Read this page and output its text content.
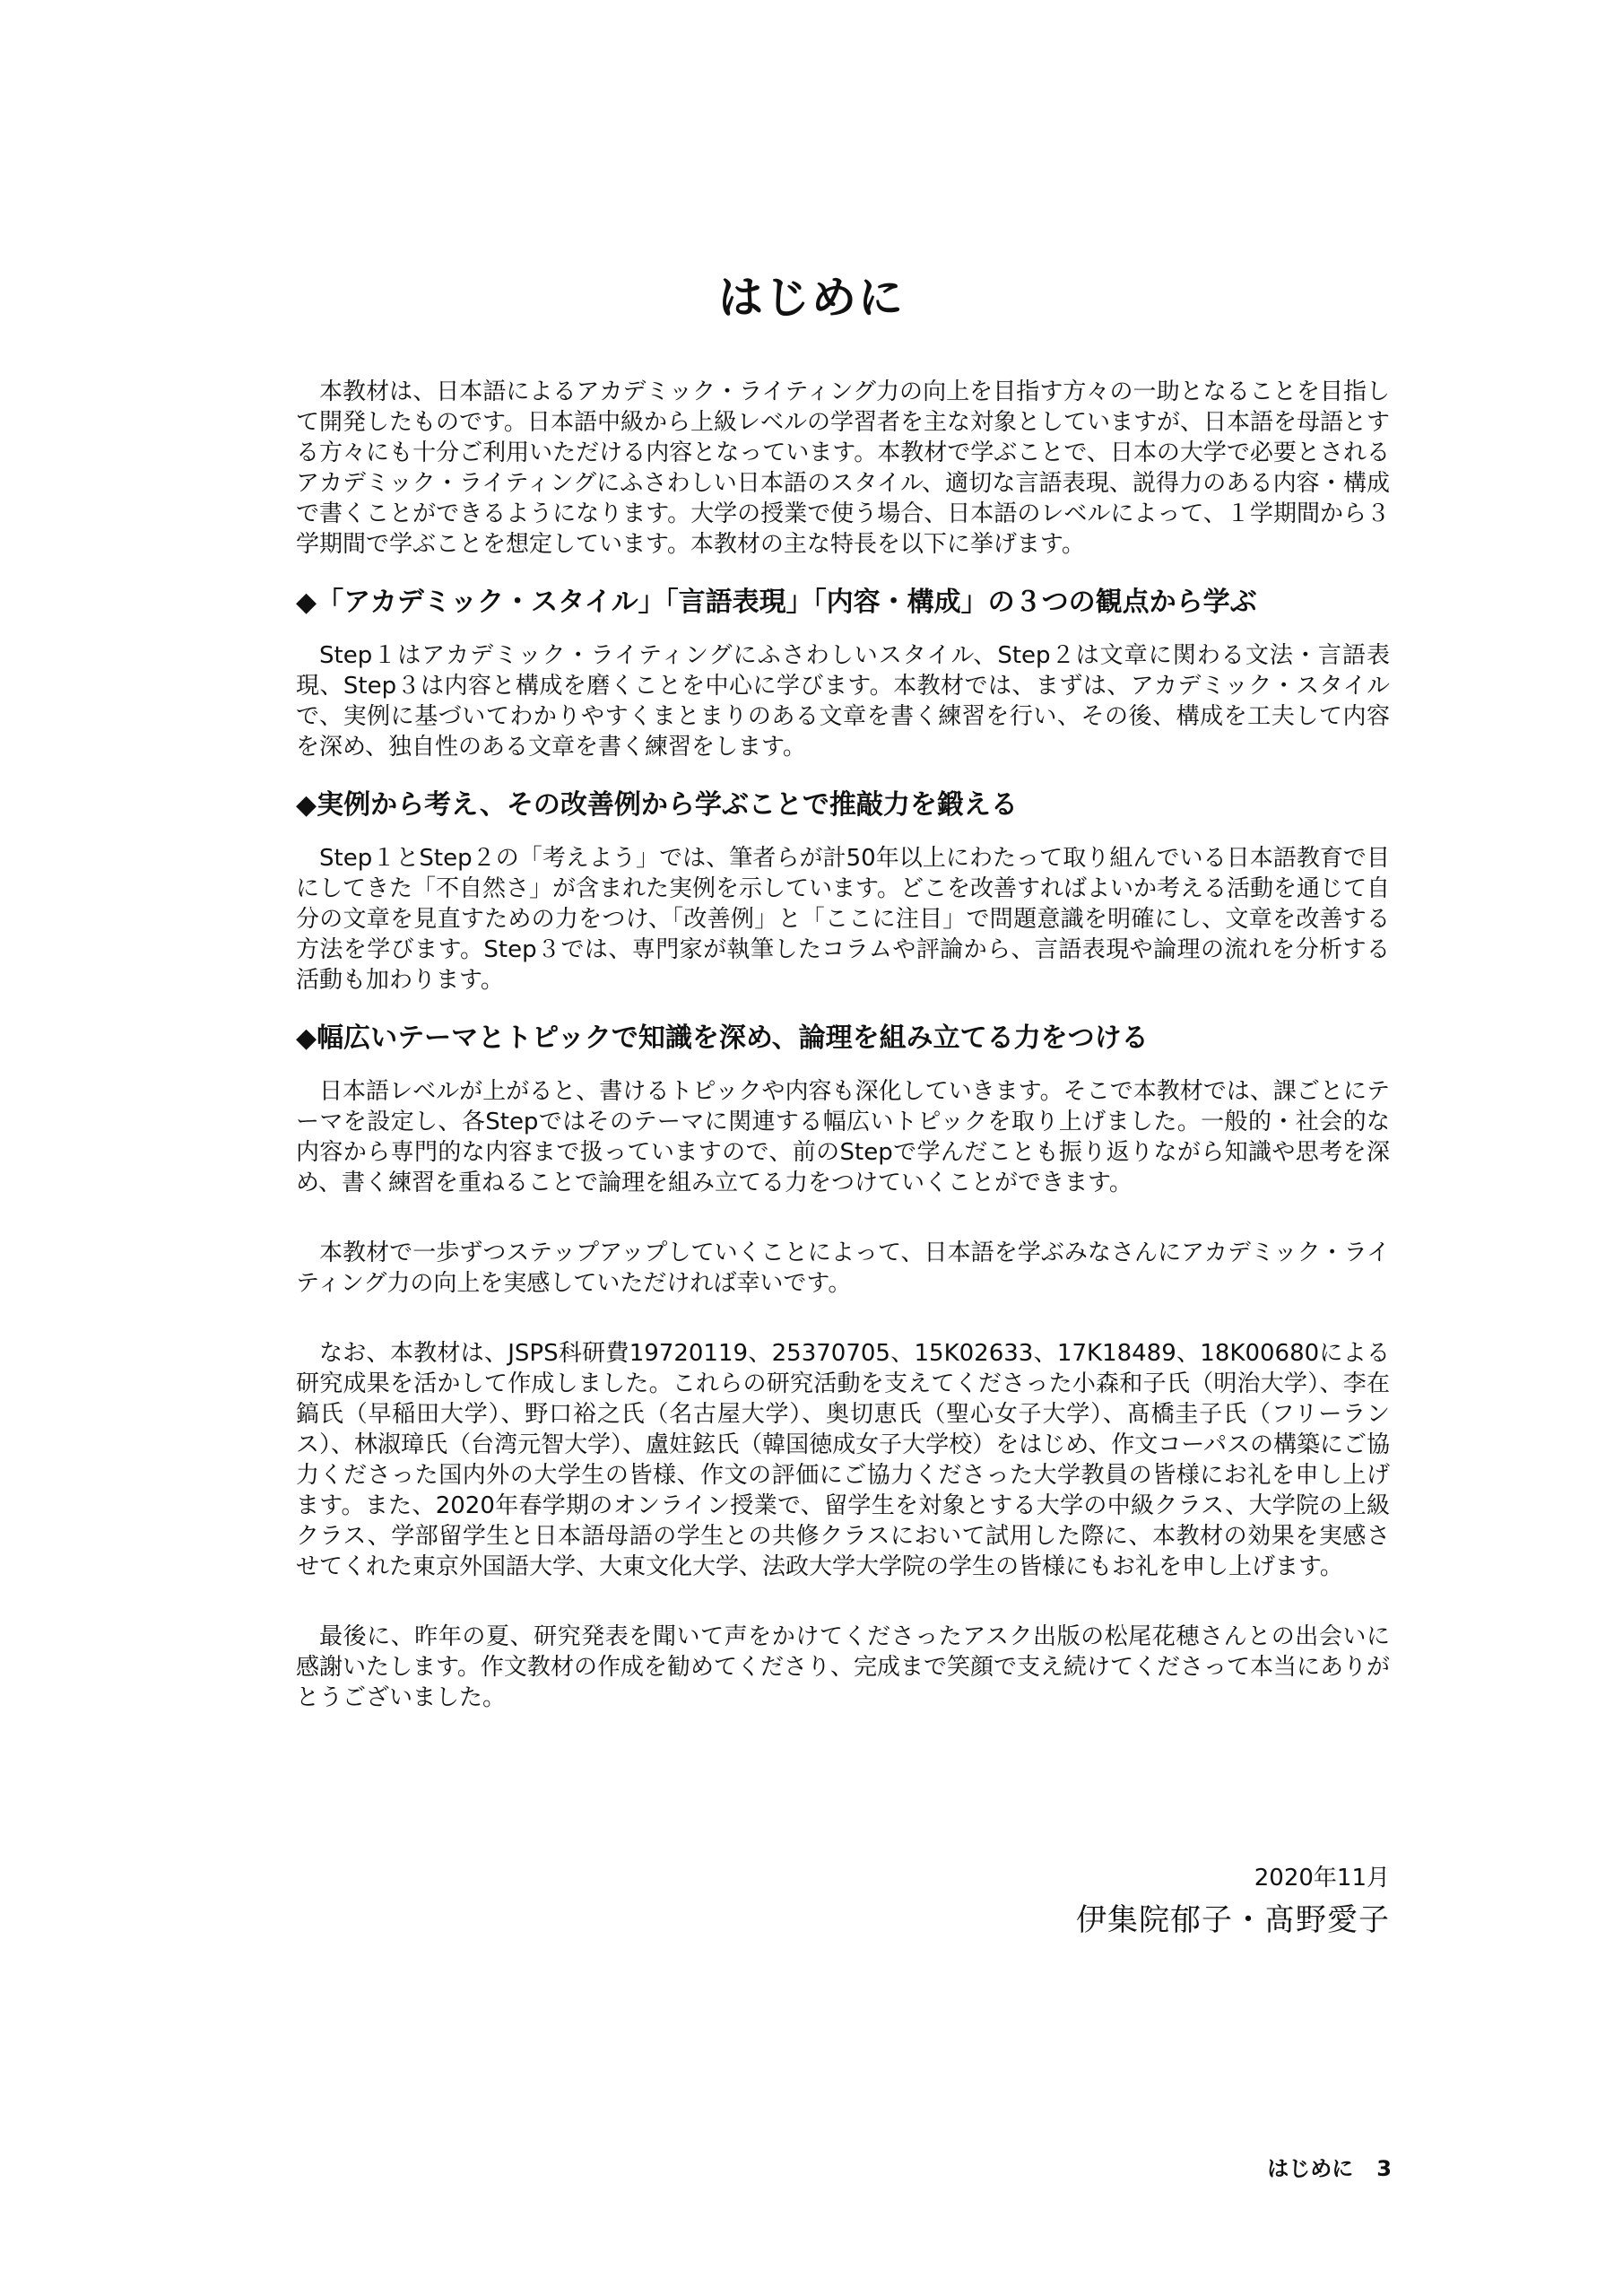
はじめに

本教材は、日本語によるアカデミック・ライティング力の向上を目指す方々の一助となることを目指して開発したものです。日本語中級から上級レベルの学習者を主な対象としていますが、日本語を母語とする方々にも十分ご利用いただける内容となっています。本教材で学ぶことで、日本の大学で必要とされるアカデミック・ライティングにふさわしい日本語のスタイル、適切な言語表現、説得力のある内容・構成で書くことができるようになります。大学の授業で使う場合、日本語のレベルによって、１学期間から３学期間で学ぶことを想定しています。本教材の主な特長を以下に挙げます。

◆「アカデミック・スタイル」「言語表現」「内容・構成」の３つの観点から学ぶ

Step１はアカデミック・ライティングにふさわしいスタイル、Step２は文章に関わる文法・言語表現、Step３は内容と構成を磨くことを中心に学びます。本教材では、まずは、アカデミック・スタイルで、実例に基づいてわかりやすくまとまりのある文章を書く練習を行い、その後、構成を工夫して内容を深め、独自性のある文章を書く練習をします。

◆実例から考え、その改善例から学ぶことで推敲力を鍛える

Step１とStep２の「考えよう」では、筆者らが計50年以上にわたって取り組んでいる日本語教育で目にしてきた「不自然さ」が含まれた実例を示しています。どこを改善すればよいか考える活動を通じて自分の文章を見直すための力をつけ、「改善例」と「ここに注目」で問題意識を明確にし、文章を改善する方法を学びます。Step３では、専門家が執筆したコラムや評論から、言語表現や論理の流れを分析する活動も加わります。

◆幅広いテーマとトピックで知識を深め、論理を組み立てる力をつける

日本語レベルが上がると、書けるトピックや内容も深化していきます。そこで本教材では、課ごとにテーマを設定し、各Stepではそのテーマに関連する幅広いトピックを取り上げました。一般的・社会的な内容から専門的な内容まで扱っていますので、前のStepで学んだことも振り返りながら知識や思考を深め、書く練習を重ねることで論理を組み立てる力をつけていくことができます。

本教材で一歩ずつステップアップしていくことによって、日本語を学ぶみなさんにアカデミック・ライティング力の向上を実感していただければ幸いです。

なお、本教材は、JSPS科研費19720119、25370705、15K02633、17K18489、18K00680による研究成果を活かして作成しました。これらの研究活動を支えてくださった小森和子氏（明治大学）、李在鎬氏（早稲田大学）、野口裕之氏（名古屋大学）、奥切恵氏（聖心女子大学）、髙橋圭子氏（フリーランス）、林淑璋氏（台湾元智大学）、盧妵鉉氏（韓国徳成女子大学校）をはじめ、作文コーパスの構築にご協力くださった国内外の大学生の皆様、作文の評価にご協力くださった大学教員の皆様にお礼を申し上げます。また、2020年春学期のオンライン授業で、留学生を対象とする大学の中級クラス、大学院の上級クラス、学部留学生と日本語母語の学生との共修クラスにおいて試用した際に、本教材の効果を実感させてくれた東京外国語大学、大東文化大学、法政大学大学院の学生の皆様にもお礼を申し上げます。

最後に、昨年の夏、研究発表を聞いて声をかけてくださったアスク出版の松尾花穂さんとの出会いに感謝いたします。作文教材の作成を勧めてくださり、完成まで笑顔で支え続けてくださって本当にありがとうございました。

2020年11月
伊集院郁子・髙野愛子
はじめに 3
